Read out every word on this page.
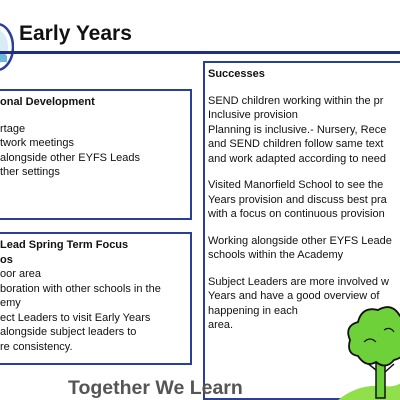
Early Years
onal Development
rtage
twork meetings
alongside other EYFS Leads
ther settings
Lead Spring Term Focus
os
oor area
boration with other schools in the
emy
ect Leaders to visit Early Years
alongside subject leaders to
re consistency.
Successes
SEND children working within the pr
Inclusive provision
Planning is inclusive.- Nursery, Rece
and SEND children follow same text
and work adapted according to need
Visited Manorfield School to see the
Years provision and discuss best pra
with a focus on continuous provision
Working alongside other EYFS Leade
schools within the Academy
Subject Leaders are more involved w
Years and have a good overview of
happening in each
area.
Together We Learn
